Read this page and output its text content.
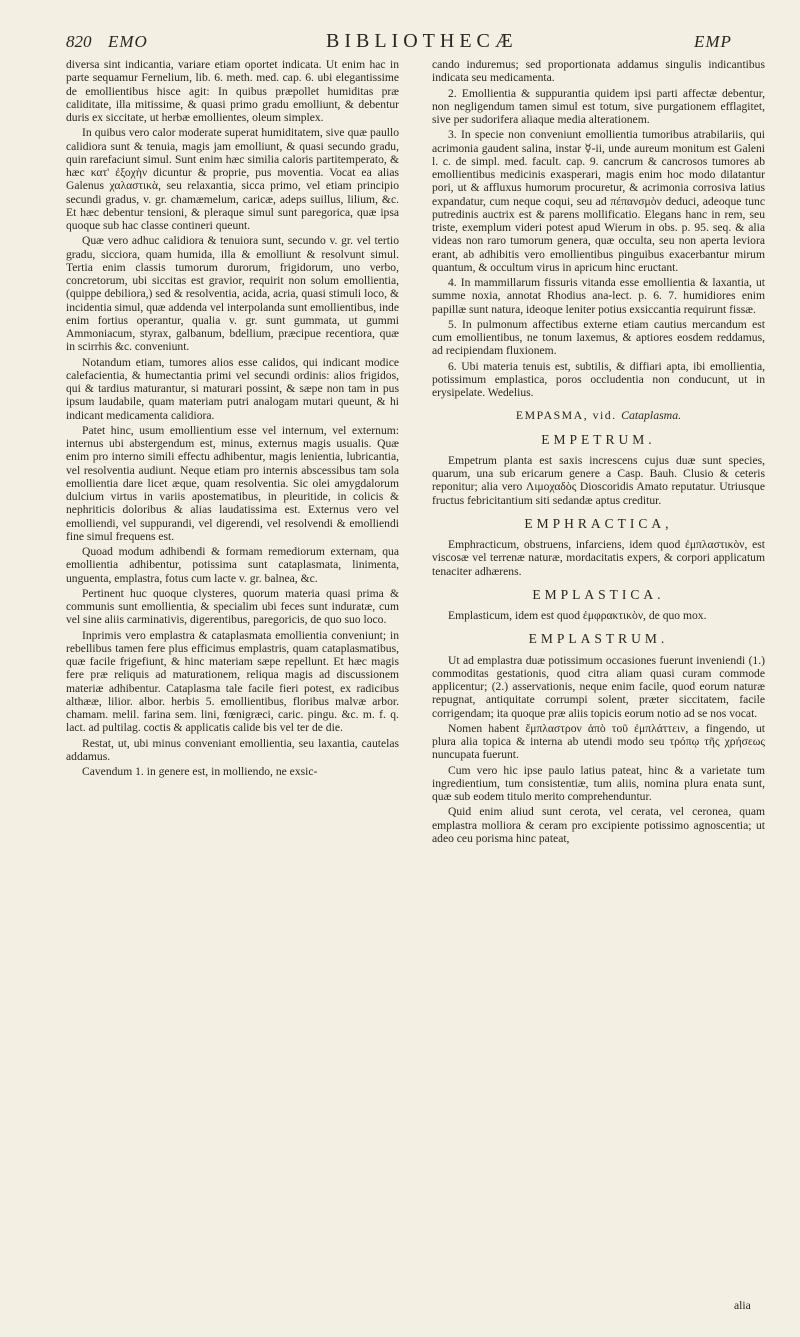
820 EMO	BIBLIOTHECÆ	EMP

diversa sint indicantia, variare etiam oportet indicata. Ut enim hac in parte sequamur Fernelium, lib. 6. meth. med. cap. 6. ubi elegantissime de emollientibus hisce agit: In quibus præpollet humiditas præ caliditate, illa mitissime, & quasi primo gradu emolliunt, & debentur duris ex siccitate, ut herbæ emollientes, oleum simplex.

In quibus vero calor moderate superat humiditatem, sive quæ paullo calidiora sunt & tenuia, magis jam emolliunt, & quasi secundo gradu, quin rarefaciunt simul. Sunt enim hæc similia caloris partitemperato, & hæc κατ' ἐξοχὴν dicuntur & proprie, pus moventia. Vocat ea alias Galenus χαλαστικὰ, seu relaxantia, sicca primo, vel etiam principio secundi gradus, v. gr. chamæmelum, caricæ, adeps suillus, lilium, &c. Et hæc debentur tensioni, & pleraque simul sunt paregorica, quæ ipsa quoque sub hac classe contineri queunt.

Quæ vero adhuc calidiora & tenuiora sunt, secundo v. gr. vel tertio gradu, sicciora, quam humida, illa & emolliunt & resolvunt simul. Tertia enim classis tumorum durorum, frigidorum, uno verbo, concretorum, ubi siccitas est gravior, requirit non solum emollientia, (quippe debiliora,) sed & resolventia, acida, acria, quasi stimuli loco, & incidentia simul, quæ addenda vel interpolanda sunt emollientibus, inde enim fortius operantur, qualia v. gr. sunt gummata, ut gummi Ammoniacum, styrax, galbanum, bdellium, præcipue recentiora, quæ in scirrhis &c. conveniunt.

Notandum etiam, tumores alios esse calidos, qui indicant modice calefacientia, & humectantia primi vel secundi ordinis: alios frigidos, qui & tardius maturantur, si maturari possint, & sæpe non tam in pus ipsum laudabile, quam materiam putri analogam mutari queunt, & hi indicant medicamenta calidiora.

Patet hinc, usum emollientium esse vel internum, vel externum: internus ubi abstergendum est, minus, externus magis usualis. Quæ enim pro interno simili effectu adhibentur, magis lenientia, lubricantia, vel resolventia audiunt. Neque etiam pro internis abscessibus tam sola emollientia dare licet æque, quam resolventia. Sic olei amygdalorum dulcium virtus in variis apostematibus, in pleuritide, in colicis & nephriticis doloribus & alias laudatissima est. Externus vero vel emolliendi, vel suppurandi, vel digerendi, vel resolvendi & emolliendi fine simul frequens est.

Quoad modum adhibendi & formam remediorum externam, qua emollientia adhibentur, potissima sunt cataplasmata, linimenta, unguenta, emplastra, fotus cum lacte v. gr. balnea, &c.

Pertinent huc quoque clysteres, quorum materia quasi prima & communis sunt emollientia, & specialim ubi feces sunt induratæ, cum vel sine aliis carminativis, digerentibus, paregoricis, de quo suo loco.

Inprimis vero emplastra & cataplasmata emollientia conveniunt; in rebellibus tamen fere plus efficimus emplastris, quam cataplasmatibus, quæ facile frigefiunt, & hinc materiam sæpe repellunt. Et hæc magis fere præ reliquis ad maturationem, reliqua magis ad discussionem materiæ adhibentur. Cataplasma tale facile fieri potest, ex radicibus althææ, lilior. albor. herbis 5. emollientibus, floribus malvæ arbor. chamam. melil. farina sem. lini, fœnigræci, caric. pingu. &c. m. f. q. lact. ad pultilag. coctis & applicatis calide bis vel ter de die.

Restat, ut, ubi minus conveniant emollientia, seu laxantia, cautelas addamus.

Cavendum 1. in genere est, in molliendo, ne exsic-

cando induremus; sed proportionata addamus singulis indicantibus indicata seu medicamenta.

2. Emollientia & suppurantia quidem ipsi parti affectæ debentur, non negligendum tamen simul est totum, sive purgationem efflagitet, sive per sudorifera aliaque media alterationem.

3. In specie non conveniunt emollientia tumoribus atrabilariis, qui acrimonia gaudent salina, instar ☿-ii, unde aureum monitum est Galeni l. c. de simpl. med. facult. cap. 9. cancrum & cancrosos tumores ab emollientibus medicinis exasperari, magis enim hoc modo dilatantur pori, ut & affluxus humorum procuretur, & acrimonia corrosiva latius expandatur, cum neque coqui, seu ad πέπανσμὸν deduci, adeoque tunc putredinis auctrix est & parens mollificatio. Elegans hanc in rem, seu triste, exemplum videri potest apud Wierum in obs. p. 95. seq. & alia videas non raro tumorum genera, quæ occulta, seu non aperta leviora erant, ab adhibitis vero emollientibus pinguibus exacerbantur mirum quantum, & occultum virus in apricum hinc eructant.

4. In mammillarum fissuris vitanda esse emollientia & laxantia, ut summe noxia, annotat Rhodius ana-lect. p. 6. 7. humidiores enim papillæ sunt natura, ideoque leniter potius exsiccantia requirunt fissæ.

5. In pulmonum affectibus externe etiam cautius mercandum est cum emollientibus, ne tonum laxemus, & aptiores eosdem reddamus, ad recipiendam fluxionem.

6. Ubi materia tenuis est, subtilis, & diffiari apta, ibi emollientia, potissimum emplastica, poros occludentia non conducunt, ut in erysipelate. Wedelius.

EMPASMA, vid. Cataplasma.
EMPETRUM.

Empetrum planta est saxis increscens cujus duæ sunt species, quarum, una sub ericarum genere a Casp. Bauh. Clusio & ceteris reponitur; alia vero Λιμοχαδὸς Dioscoridis Amato reputatur. Utriusque fructus febricitantium siti sedandæ aptus creditur.

EMPHRACTICA,

Emphracticum, obstruens, infarciens, idem quod ἐμπλαστικὸν, est viscosæ vel terrenæ naturæ, mordacitatis expers, & corpori applicatum tenaciter adhærens.

EMPLASTICA.

Emplasticum, idem est quod ἐμφρακτικὸν, de quo mox.

EMPLASTRUM.

Ut ad emplastra duæ potissimum occasiones fuerunt inveniendi (1.) commoditas gestationis, quod citra aliam quasi curam commode applicentur; (2.) asservationis, neque enim facile, quod eorum naturæ repugnat, antiquitate corrumpi solent, præter siccitatem, facile corrigendam; ita quoque præ aliis topicis eorum notio ad se nos vocat.

Nomen habent ἔμπλαστρον ἀπὸ τοῦ ἐμπλάττειν, a fingendo, ut plura alia topica & interna ab utendi modo seu τρόπῳ τῆς χρήσεως nuncupata fuerunt.

Cum vero hic ipse paulo latius pateat, hinc & a varietate tum ingredientium, tum consistentiæ, tum aliis, nomina plura enata sunt, quæ sub eodem titulo merito comprehenduntur.

Quid enim aliud sunt cerota, vel cerata, vel ceronea, quam emplastra molliora & ceram pro excipiente potissimo agnoscentia; ut adeo ceu porisma hinc pateat,

alia
